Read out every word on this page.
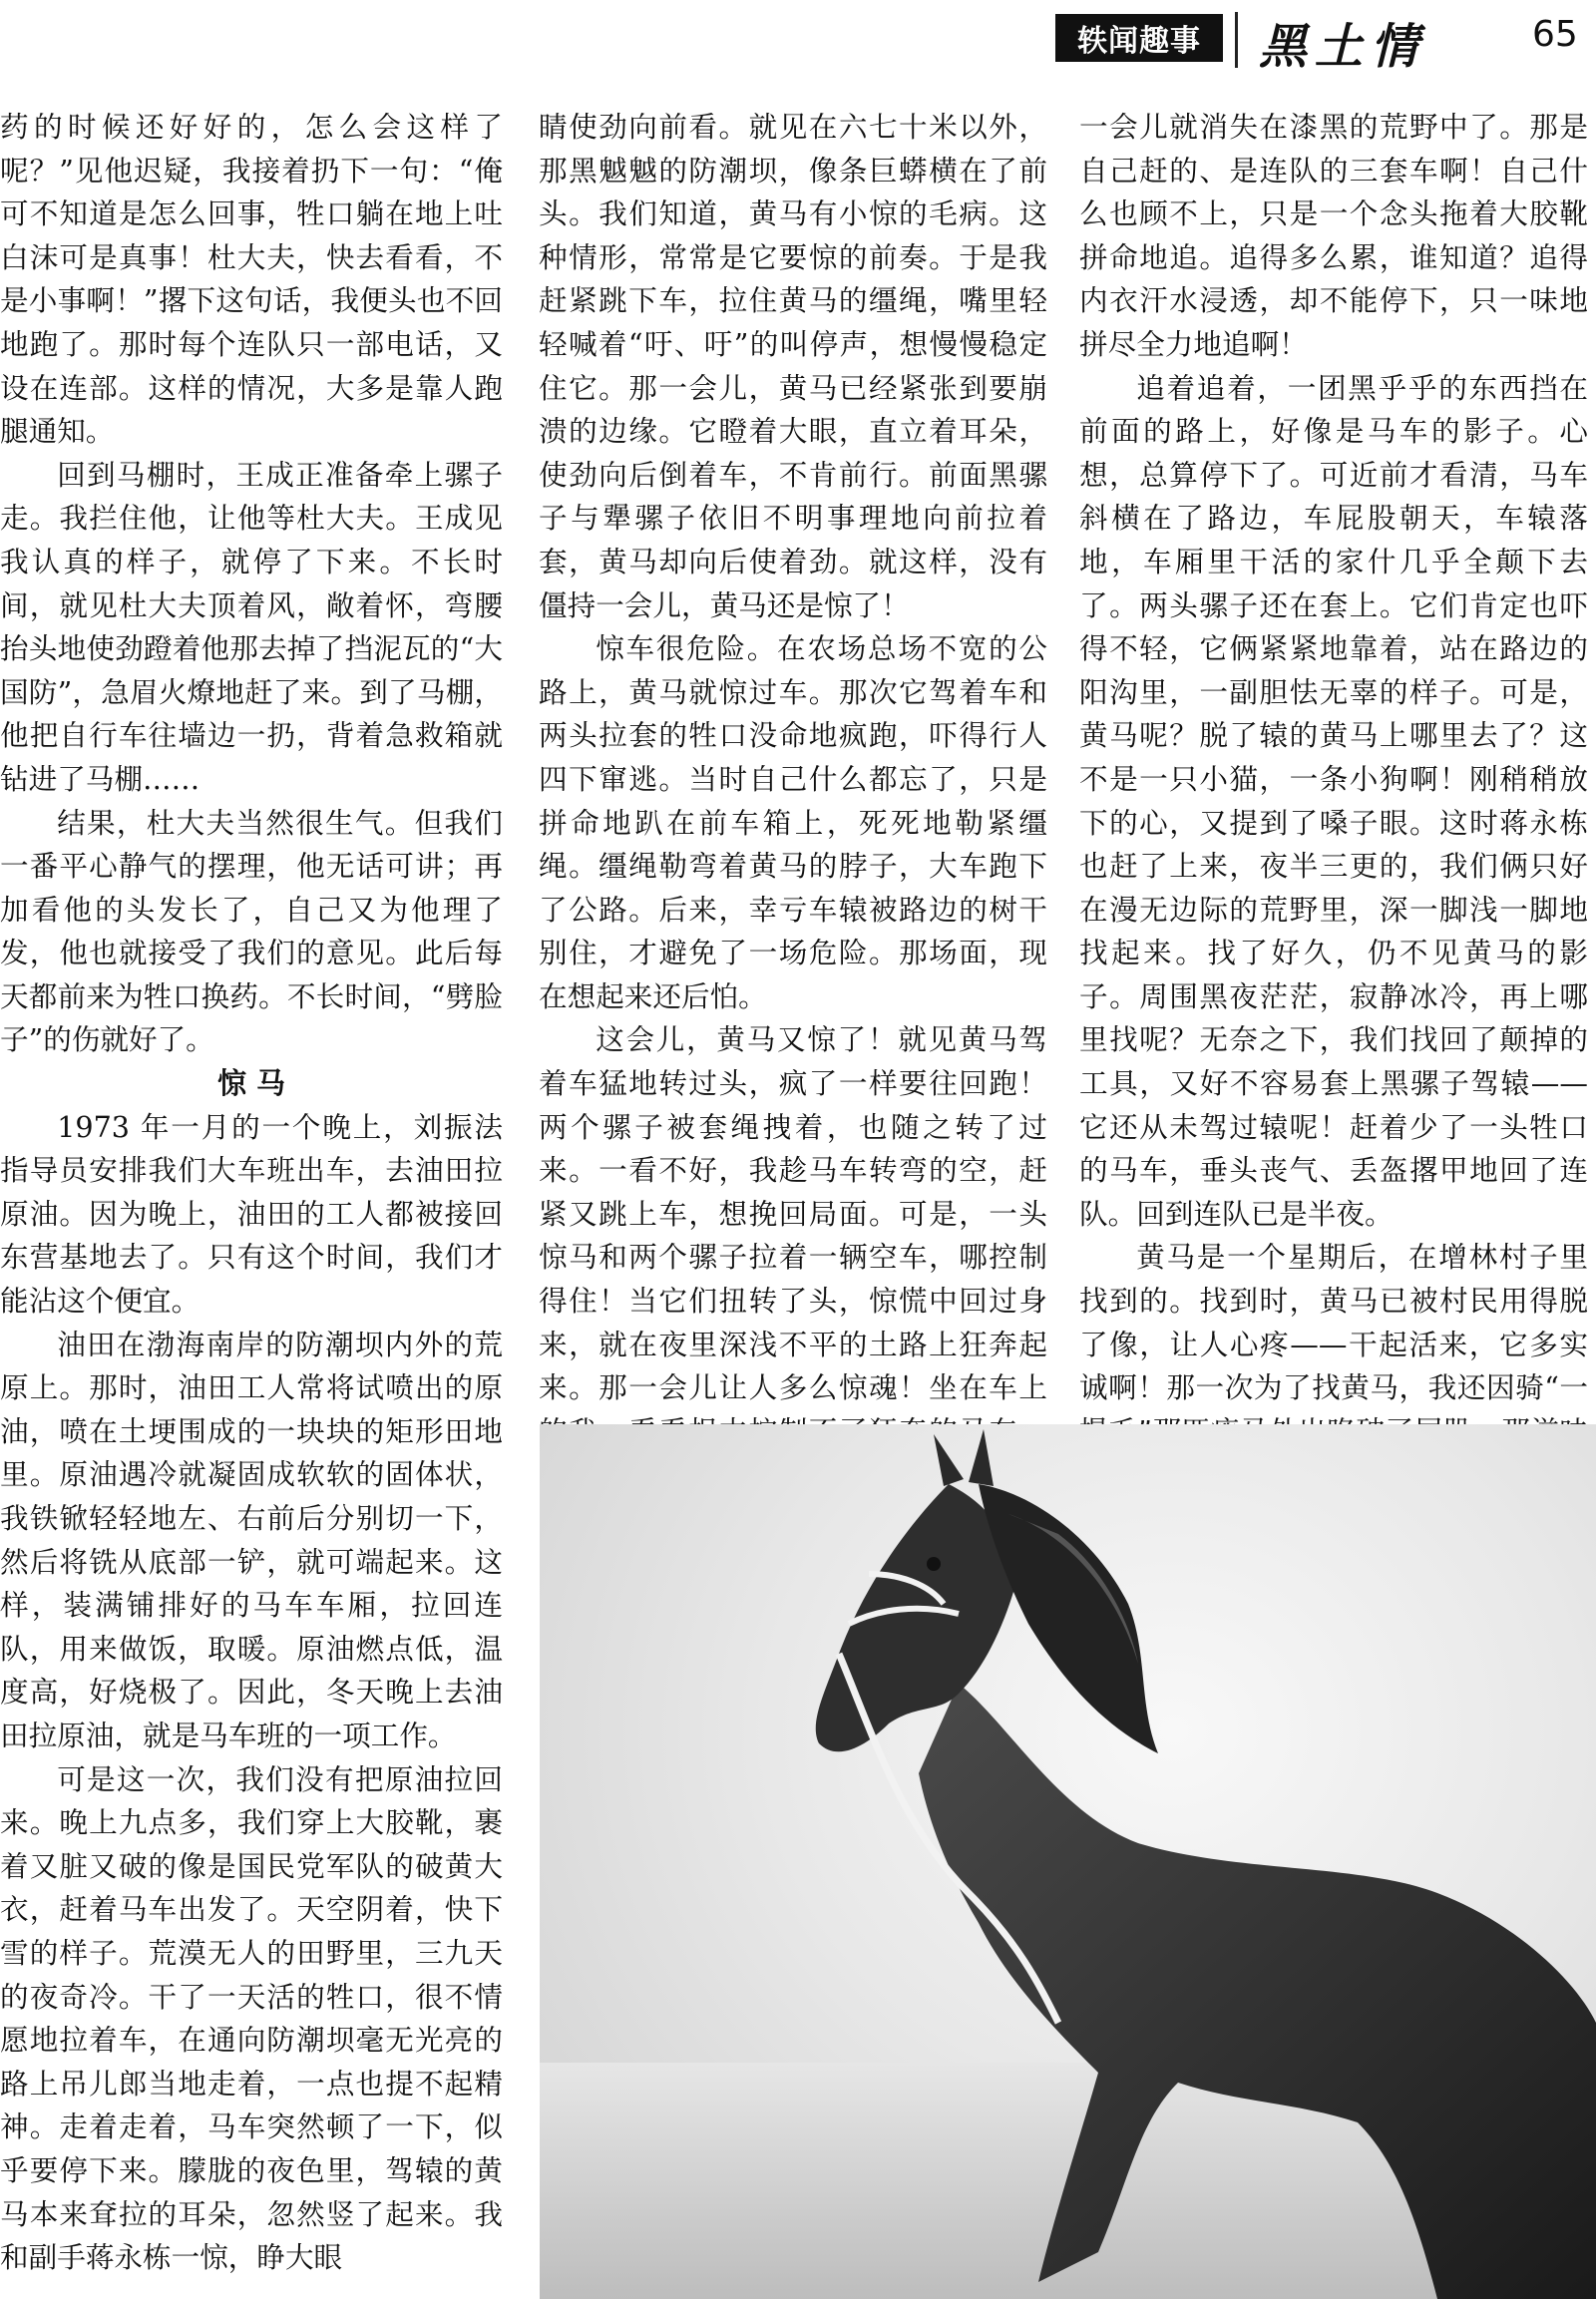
轶闻趣事	黑土情	65

药的时候还好好的，怎么会这样了呢？”见他迟疑，我接着扔下一句：“俺可不知道是怎么回事，牲口躺在地上吐白沫可是真事！杜大夫，快去看看，不是小事啊！”撂下这句话，我便头也不回地跑了。那时每个连队只一部电话，又设在连部。这样的情况，大多是靠人跑腿通知。

回到马棚时，王成正准备牵上骡子走。我拦住他，让他等杜大夫。王成见我认真的样子，就停了下来。不长时间，就见杜大夫顶着风，敞着怀，弯腰抬头地使劲蹬着他那去掉了挡泥瓦的“大国防”，急眉火燎地赶了来。到了马棚，他把自行车往墙边一扔，背着急救箱就钻进了马棚……

结果，杜大夫当然很生气。但我们一番平心静气的摆理，他无话可讲；再加看他的头发长了，自己又为他理了发，他也就接受了我们的意见。此后每天都前来为牲口换药。不长时间，“劈脸子”的伤就好了。

惊 马

1973 年一月的一个晚上，刘振法指导员安排我们大车班出车，去油田拉原油。因为晚上，油田的工人都被接回东营基地去了。只有这个时间，我们才能沾这个便宜。

油田在渤海南岸的防潮坝内外的荒原上。那时，油田工人常将试喷出的原油，喷在土埂围成的一块块的矩形田地里。原油遇冷就凝固成软软的固体状，我铁锨轻轻地左、右前后分别切一下，然后将铣从底部一铲，就可端起来。这样，装满铺排好的马车车厢，拉回连队，用来做饭，取暖。原油燃点低，温度高，好烧极了。因此，冬天晚上去油田拉原油，就是马车班的一项工作。

可是这一次，我们没有把原油拉回来。晚上九点多，我们穿上大胶靴，裹着又脏又破的像是国民党军队的破黄大衣，赶着马车出发了。天空阴着，快下雪的样子。荒漠无人的田野里，三九天的夜奇冷。干了一天活的牲口，很不情愿地拉着车，在通向防潮坝毫无光亮的路上吊儿郎当地走着，一点也提不起精神。走着走着，马车突然顿了一下，似乎要停下来。朦胧的夜色里，驾辕的黄马本来耷拉的耳朵，忽然竖了起来。我和副手蒋永栋一惊，睁大眼

睛使劲向前看。就见在六七十米以外，那黑魆魆的防潮坝，像条巨蟒横在了前头。我们知道，黄马有小惊的毛病。这种情形，常常是它要惊的前奏。于是我赶紧跳下车，拉住黄马的缰绳，嘴里轻轻喊着“吁、吁”的叫停声，想慢慢稳定住它。那一会儿，黄马已经紧张到要崩溃的边缘。它瞪着大眼，直立着耳朵，使劲向后倒着车，不肯前行。前面黑骡子与犟骡子依旧不明事理地向前拉着套，黄马却向后使着劲。就这样，没有僵持一会儿，黄马还是惊了！

惊车很危险。在农场总场不宽的公路上，黄马就惊过车。那次它驾着车和两头拉套的牲口没命地疯跑，吓得行人四下窜逃。当时自己什么都忘了，只是拼命地趴在前车箱上，死死地勒紧缰绳。缰绳勒弯着黄马的脖子，大车跑下了公路。后来，幸亏车辕被路边的树干别住，才避免了一场危险。那场面，现在想起来还后怕。

这会儿，黄马又惊了！就见黄马驾着车猛地转过头，疯了一样要往回跑！两个骡子被套绳拽着，也随之转了过来。一看不好，我趁马车转弯的空，赶紧又跳上车，想挽回局面。可是，一头惊马和两个骡子拉着一辆空车，哪控制得住！当它们扭转了头，惊慌中回过身来，就在夜里深浅不平的土路上狂奔起来。那一会儿让人多么惊魂！坐在车上

一会儿就消失在漆黑的荒野中了。那是自己赶的、是连队的三套车啊！自己什么也顾不上，只是一个念头拖着大胶靴拼命地追。追得多么累，谁知道？追得内衣汗水浸透，却不能停下，只一味地拼尽全力地追啊！

追着追着，一团黑乎乎的东西挡在前面的路上，好像是马车的影子。心想，总算停下了。可近前才看清，马车斜横在了路边，车屁股朝天，车辕落地，车厢里干活的家什几乎全颠下去了。两头骡子还在套上。它们肯定也吓得不轻，它俩紧紧地靠着，站在路边的阳沟里，一副胆怯无辜的样子。可是，黄马呢？脱了辕的黄马上哪里去了？这不是一只小猫，一条小狗啊！刚稍稍放下的心，又提到了嗓子眼。这时蒋永栋也赶了上来，夜半三更的，我们俩只好在漫无边际的荒野里，深一脚浅一脚地找起来。找了好久，仍不见黄马的影子。周围黑夜茫茫，寂静冰冷，再上哪里找呢？无奈之下，我们找回了颠掉的工具，又好不容易套上黑骡子驾辕——它还从未驾过辕呢！赶着少了一头牲口的马车，垂头丧气、丢盔撂甲地回了连队。回到连队已是半夜。

黄马是一个星期后，在增林村子里找到的。找到时，黄马已被村民用得脱了像，让人心疼——干起活来，它多实诚啊！那一次为了找黄马，我还因骑“一
